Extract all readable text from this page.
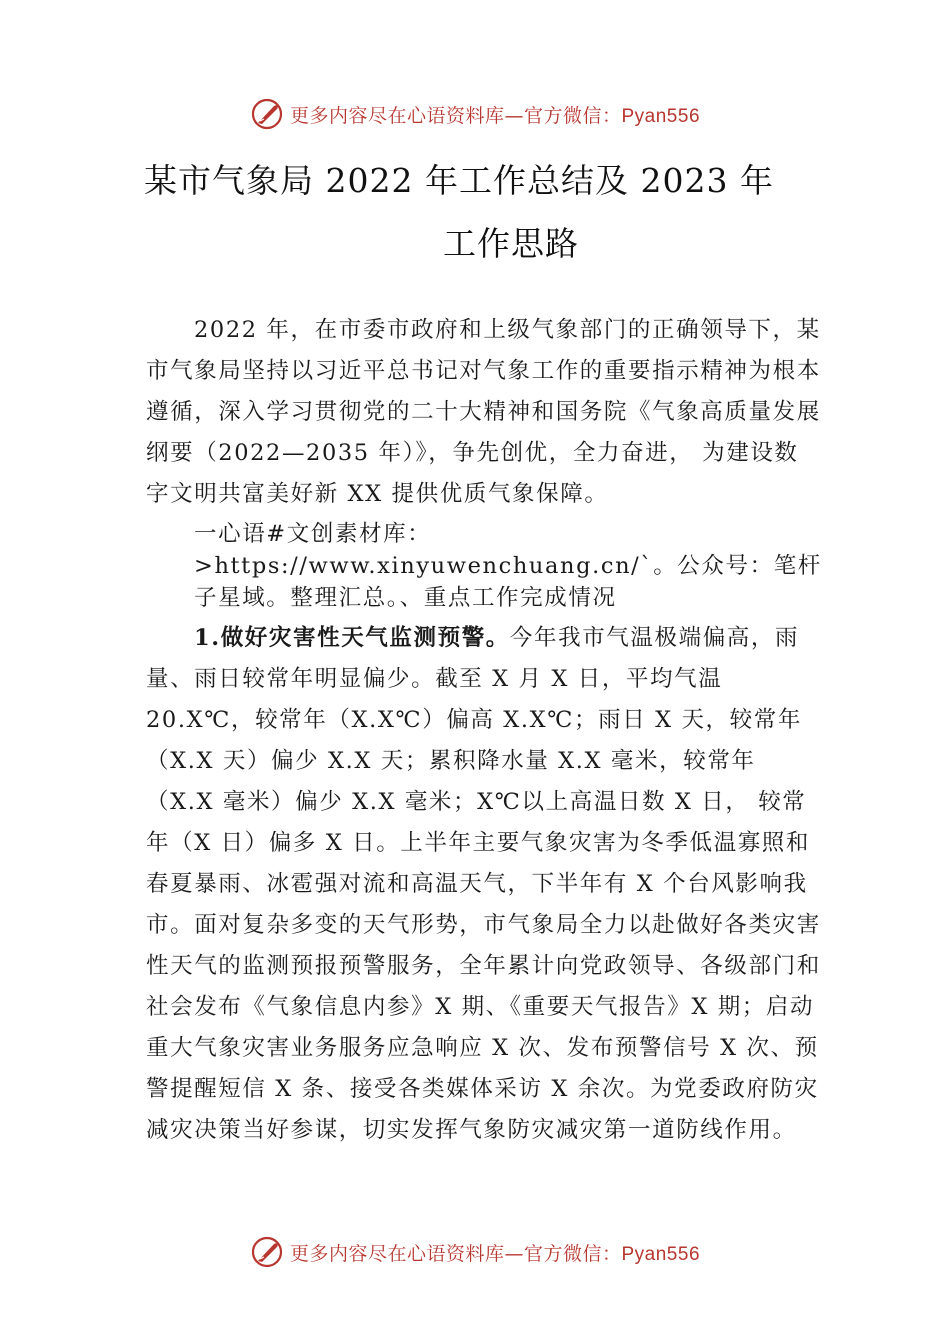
更多内容尽在心语资料库—官方微信：Pyan556
某市气象局 2022 年工作总结及 2023 年
工作思路

2022 年，在市委市政府和上级气象部门的正确领导下，某市气象局坚持以习近平总书记对气象工作的重要指示精神为根本遵循，深入学习贯彻党的二十大精神和国务院《气象高质量发展纲要（2022—2035 年）》，争先创优，全力奋进， 为建设数字文明共富美好新 XX 提供优质气象保障。

一心语#文创素材库：>https://www.xinyuwenchuang.cn/`。公众号：笔杆子星域。整理汇总。、重点工作完成情况

1.做好灾害性天气监测预警。今年我市气温极端偏高，雨量、雨日较常年明显偏少。截至 X 月 X 日，平均气温 20.X℃，较常年（X.X℃）偏高 X.X℃；雨日 X 天，较常年（X.X 天）偏少 X.X 天；累积降水量 X.X 毫米，较常年（X.X 毫米）偏少 X.X 毫米；X℃以上高温日数 X 日， 较常年（X 日）偏多 X 日。上半年主要气象灾害为冬季低温寡照和春夏暴雨、冰雹强对流和高温天气，下半年有 X 个台风影响我市。面对复杂多变的天气形势，市气象局全力以赴做好各类灾害性天气的监测预报预警服务，全年累计向党政领导、各级部门和社会发布《气象信息内参》X 期、《重要天气报告》X 期；启动重大气象灾害业务服务应急响应 X 次、发布预警信号 X 次、预警提醒短信 X 条、接受各类媒体采访 X 余次。为党委政府防灾减灾决策当好参谋，切实发挥气象防灾减灾第一道防线作用。

更多内容尽在心语资料库—官方微信：Pyan556
